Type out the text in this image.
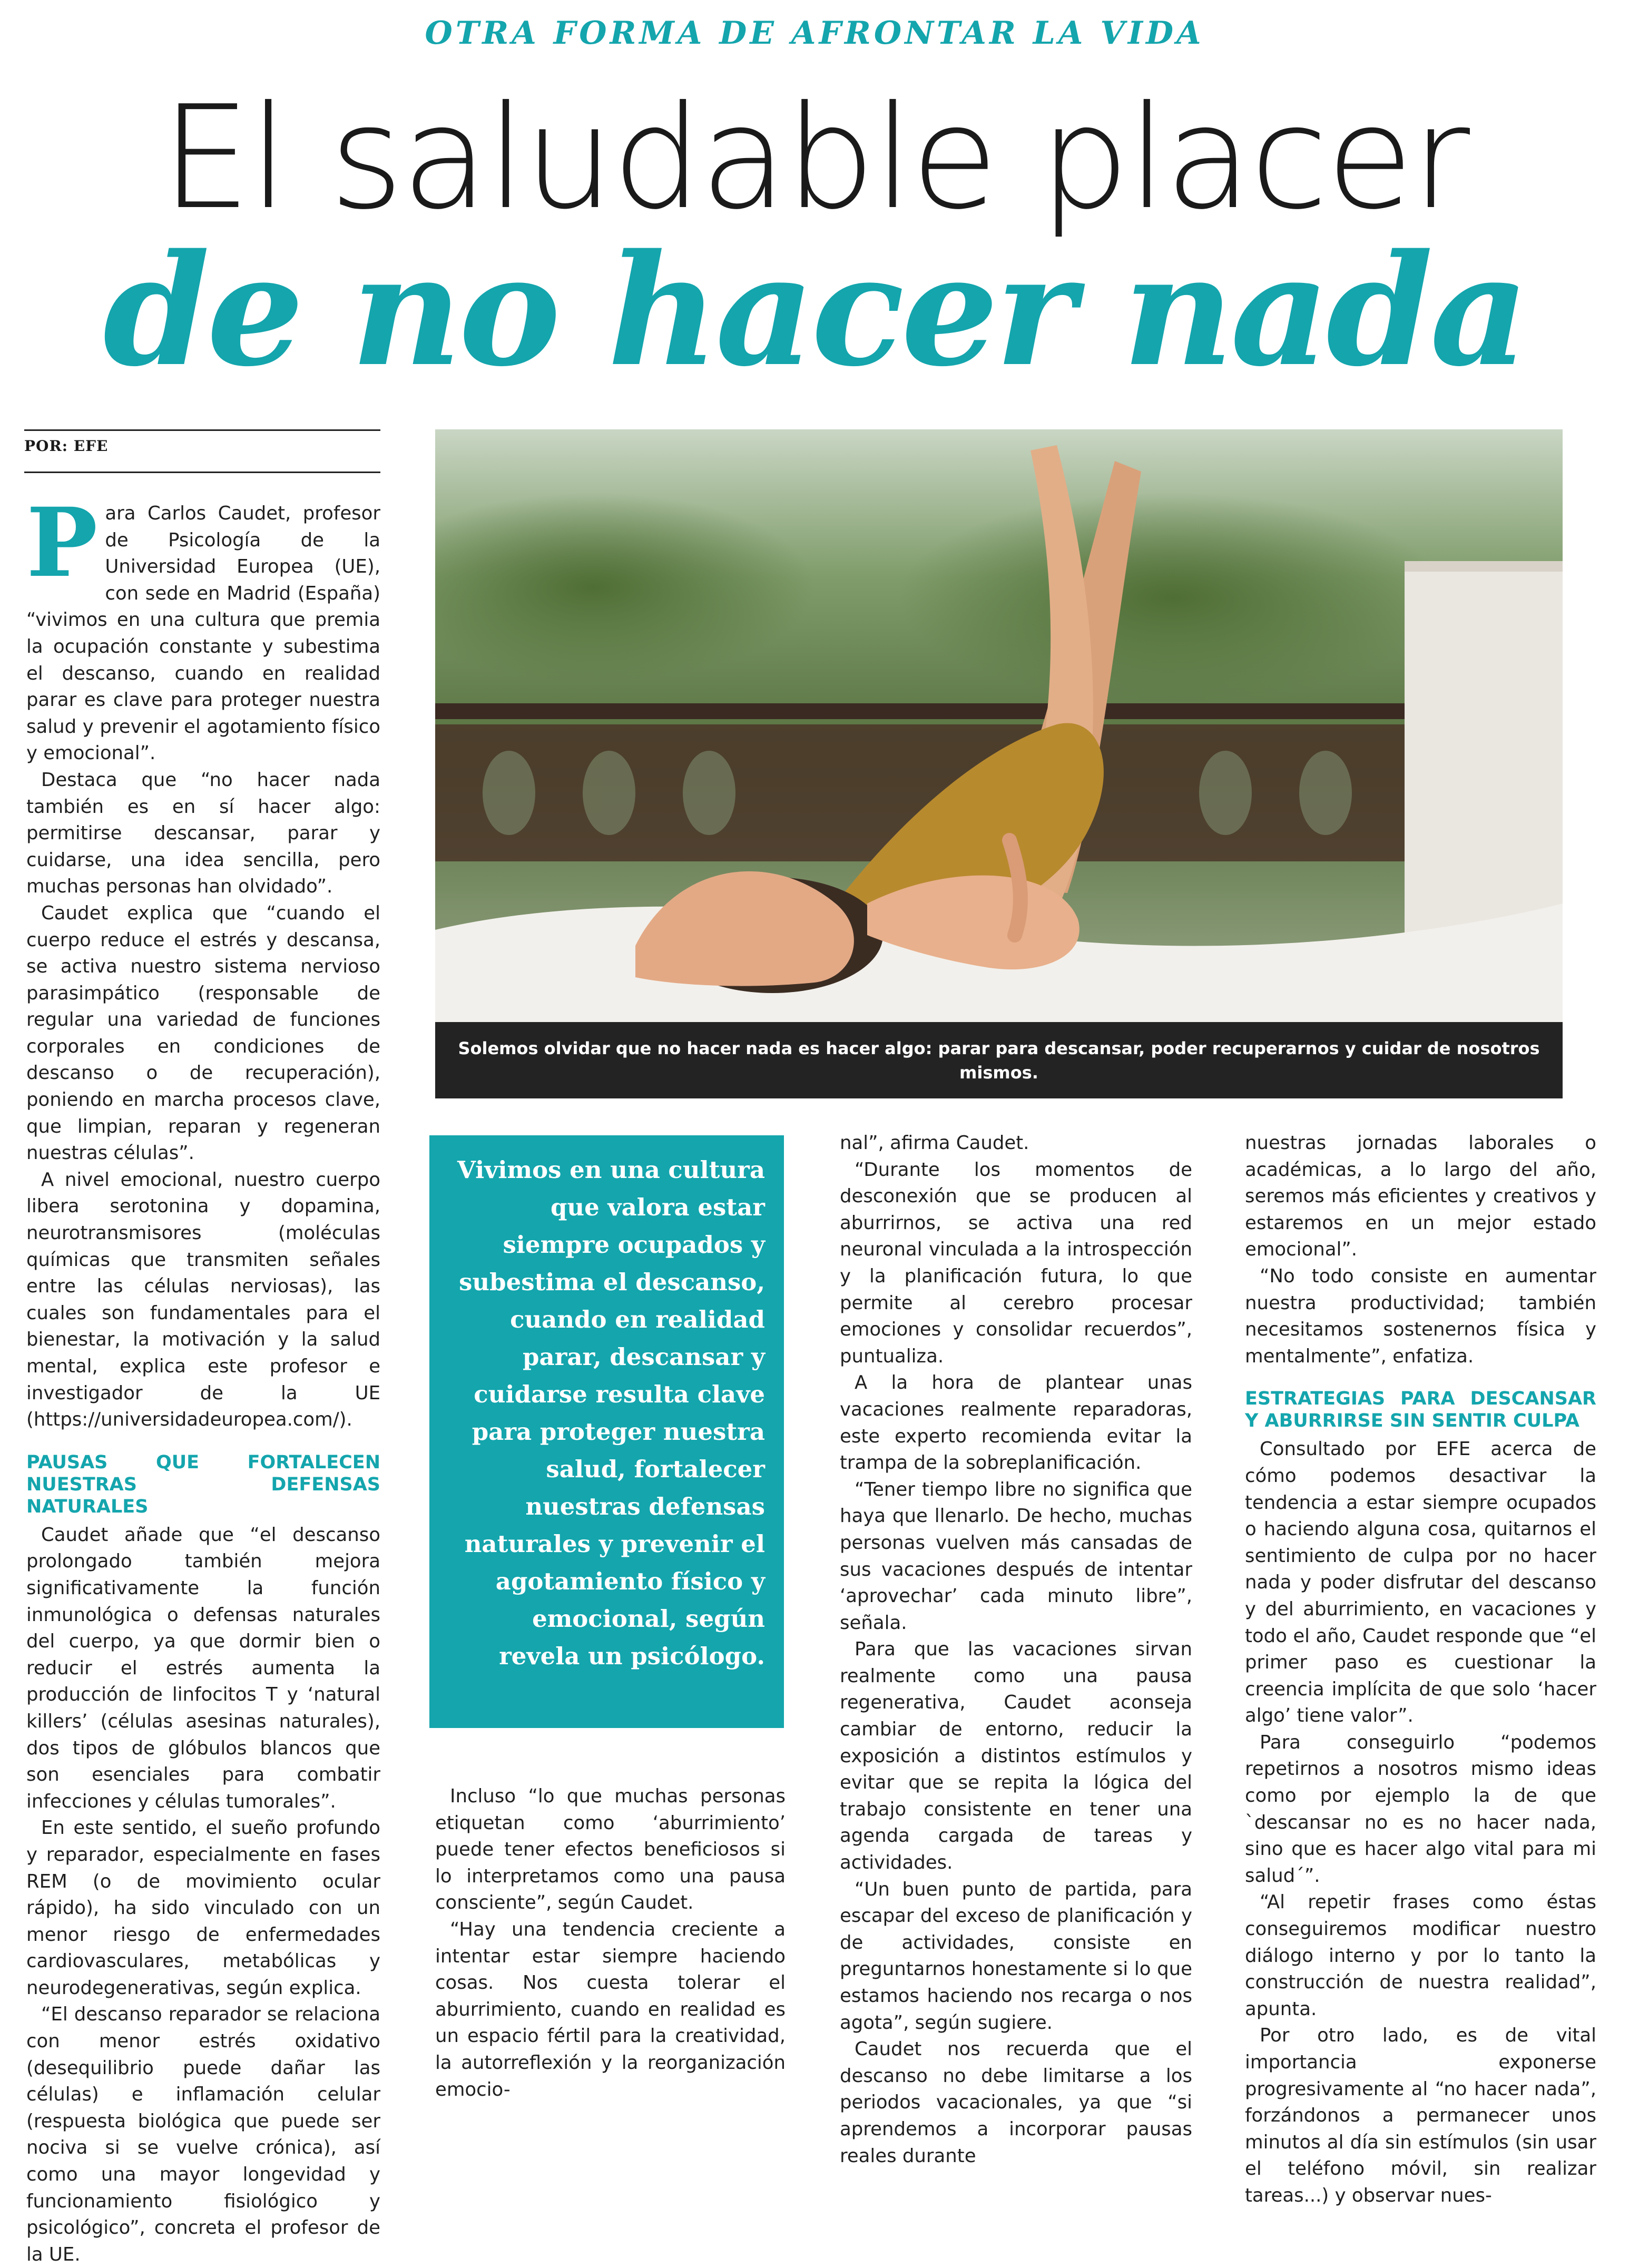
OTRA FORMA DE AFRONTAR LA VIDA
El saludable placer
de no hacer nada
POR: EFE
Solemos olvidar que no hacer nada es hacer algo: parar para descansar, poder recuperarnos y cuidar de nosotros mismos.

Para Carlos Caudet, profesor de Psicología de la Universidad Europea (UE), con sede en Madrid (España) “vivimos en una cultura que premia la ocupación constante y subestima el descanso, cuando en realidad parar es clave para proteger nuestra salud y prevenir el agotamiento físico y emocional”.

Destaca que “no hacer nada también es en sí hacer algo: permitirse descansar, parar y cuidarse, una idea sencilla, pero muchas personas han olvidado”.

Caudet explica que “cuando el cuerpo reduce el estrés y descansa, se activa nuestro sistema nervioso parasimpático (responsable de regular una variedad de funciones corporales en condiciones de descanso o de recuperación), poniendo en marcha procesos clave, que limpian, reparan y regeneran nuestras células”.

A nivel emocional, nuestro cuerpo libera serotonina y dopamina, neurotransmisores (moléculas químicas que transmiten señales entre las células nerviosas), las cuales son fundamentales para el bienestar, la motivación y la salud mental, explica este profesor e investigador de la UE (https://universidadeuropea.com/).

PAUSAS QUE FORTALECEN NUESTRAS DEFENSAS NATURALES

Caudet añade que “el descanso prolongado también mejora significativamente la función inmunológica o defensas naturales del cuerpo, ya que dormir bien o reducir el estrés aumenta la producción de linfocitos T y ‘natural killers’ (células asesinas naturales), dos tipos de glóbulos blancos que son esenciales para combatir infecciones y células tumorales”.

En este sentido, el sueño profundo y reparador, especialmente en fases REM (o de movimiento ocular rápido), ha sido vinculado con un menor riesgo de enfermedades cardiovasculares, metabólicas y neurodegenerativas, según explica.

“El descanso reparador se relaciona con menor estrés oxidativo (desequilibrio puede dañar las células) e inflamación celular (respuesta biológica que puede ser nociva si se vuelve crónica), así como una mayor longevidad y funcionamiento fisiológico y psicológico”, concreta el profesor de la UE.

Vivimos en una cultura que valora estar siempre ocupados y subestima el descanso, cuando en realidad parar, descansar y cuidarse resulta clave para proteger nuestra salud, fortalecer nuestras defensas naturales y prevenir el agotamiento físico y emocional, según revela un psicólogo.

Incluso “lo que muchas personas etiquetan como ‘aburrimiento’ puede tener efectos beneficiosos si lo interpretamos como una pausa consciente”, según Caudet.

“Hay una tendencia creciente a intentar estar siempre haciendo cosas. Nos cuesta tolerar el aburrimiento, cuando en realidad es un espacio fértil para la creatividad, la autorreflexión y la reorganización emocio-

nal”, afirma Caudet.

“Durante los momentos de desconexión que se producen al aburrirnos, se activa una red neuronal vinculada a la introspección y la planificación futura, lo que permite al cerebro procesar emociones y consolidar recuerdos”, puntualiza.

A la hora de plantear unas vacaciones realmente reparadoras, este experto recomienda evitar la trampa de la sobreplanificación.

“Tener tiempo libre no significa que haya que llenarlo. De hecho, muchas personas vuelven más cansadas de sus vacaciones después de intentar ‘aprovechar’ cada minuto libre”, señala.

Para que las vacaciones sirvan realmente como una pausa regenerativa, Caudet aconseja cambiar de entorno, reducir la exposición a distintos estímulos y evitar que se repita la lógica del trabajo consistente en tener una agenda cargada de tareas y actividades.

“Un buen punto de partida, para escapar del exceso de planificación y de actividades, consiste en preguntarnos honestamente si lo que estamos haciendo nos recarga o nos agota”, según sugiere.

Caudet nos recuerda que el descanso no debe limitarse a los periodos vacacionales, ya que “si aprendemos a incorporar pausas reales durante

nuestras jornadas laborales o académicas, a lo largo del año, seremos más eficientes y creativos y estaremos en un mejor estado emocional”.

“No todo consiste en aumentar nuestra productividad; también necesitamos sostenernos física y mentalmente”, enfatiza.

ESTRATEGIAS PARA DESCANSAR Y ABURRIRSE SIN SENTIR CULPA

Consultado por EFE acerca de cómo podemos desactivar la tendencia a estar siempre ocupados o haciendo alguna cosa, quitarnos el sentimiento de culpa por no hacer nada y poder disfrutar del descanso y del aburrimiento, en vacaciones y todo el año, Caudet responde que “el primer paso es cuestionar la creencia implícita de que solo ‘hacer algo’ tiene valor”.

Para conseguirlo “podemos repetirnos a nosotros mismo ideas como por ejemplo la de que `descansar no es no hacer nada, sino que es hacer algo vital para mi salud´”.

“Al repetir frases como éstas conseguiremos modificar nuestro diálogo interno y por lo tanto la construcción de nuestra realidad”, apunta.

Por otro lado, es de vital importancia exponerse progresivamente al “no hacer nada”, forzándonos a permanecer unos minutos al día sin estímulos (sin usar el teléfono móvil, sin realizar tareas...) y observar nues-
